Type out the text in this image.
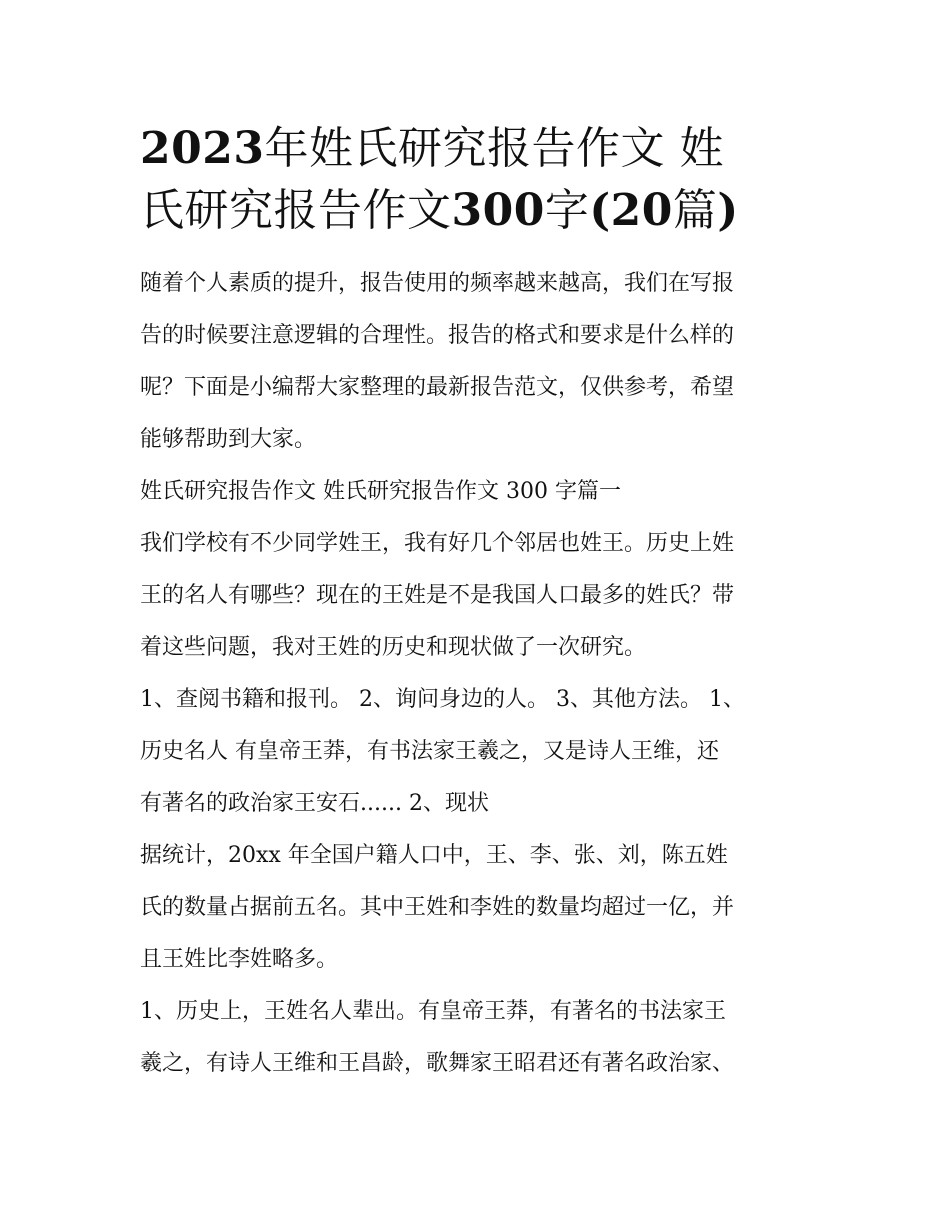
2023年姓氏研究报告作文 姓
氏研究报告作文300字(20篇)

随着个人素质的提升，报告使用的频率越来越高，我们在写报
告的时候要注意逻辑的合理性。报告的格式和要求是什么样的
呢？下面是小编帮大家整理的最新报告范文，仅供参考，希望
能够帮助到大家。

姓氏研究报告作文 姓氏研究报告作文 300 字篇一

我们学校有不少同学姓王，我有好几个邻居也姓王。历史上姓
王的名人有哪些？现在的王姓是不是我国人口最多的姓氏？带
着这些问题，我对王姓的历史和现状做了一次研究。

1、查阅书籍和报刊。 2、询问身边的人。 3、其他方法。 1、
历史名人 有皇帝王莽，有书法家王羲之，又是诗人王维，还
有著名的政治家王安石...... 2、现状

据统计，20xx 年全国户籍人口中，王、李、张、刘，陈五姓
氏的数量占据前五名。其中王姓和李姓的数量均超过一亿，并
且王姓比李姓略多。

1、历史上，王姓名人辈出。有皇帝王莽，有著名的书法家王
羲之，有诗人王维和王昌龄，歌舞家王昭君还有著名政治家、
